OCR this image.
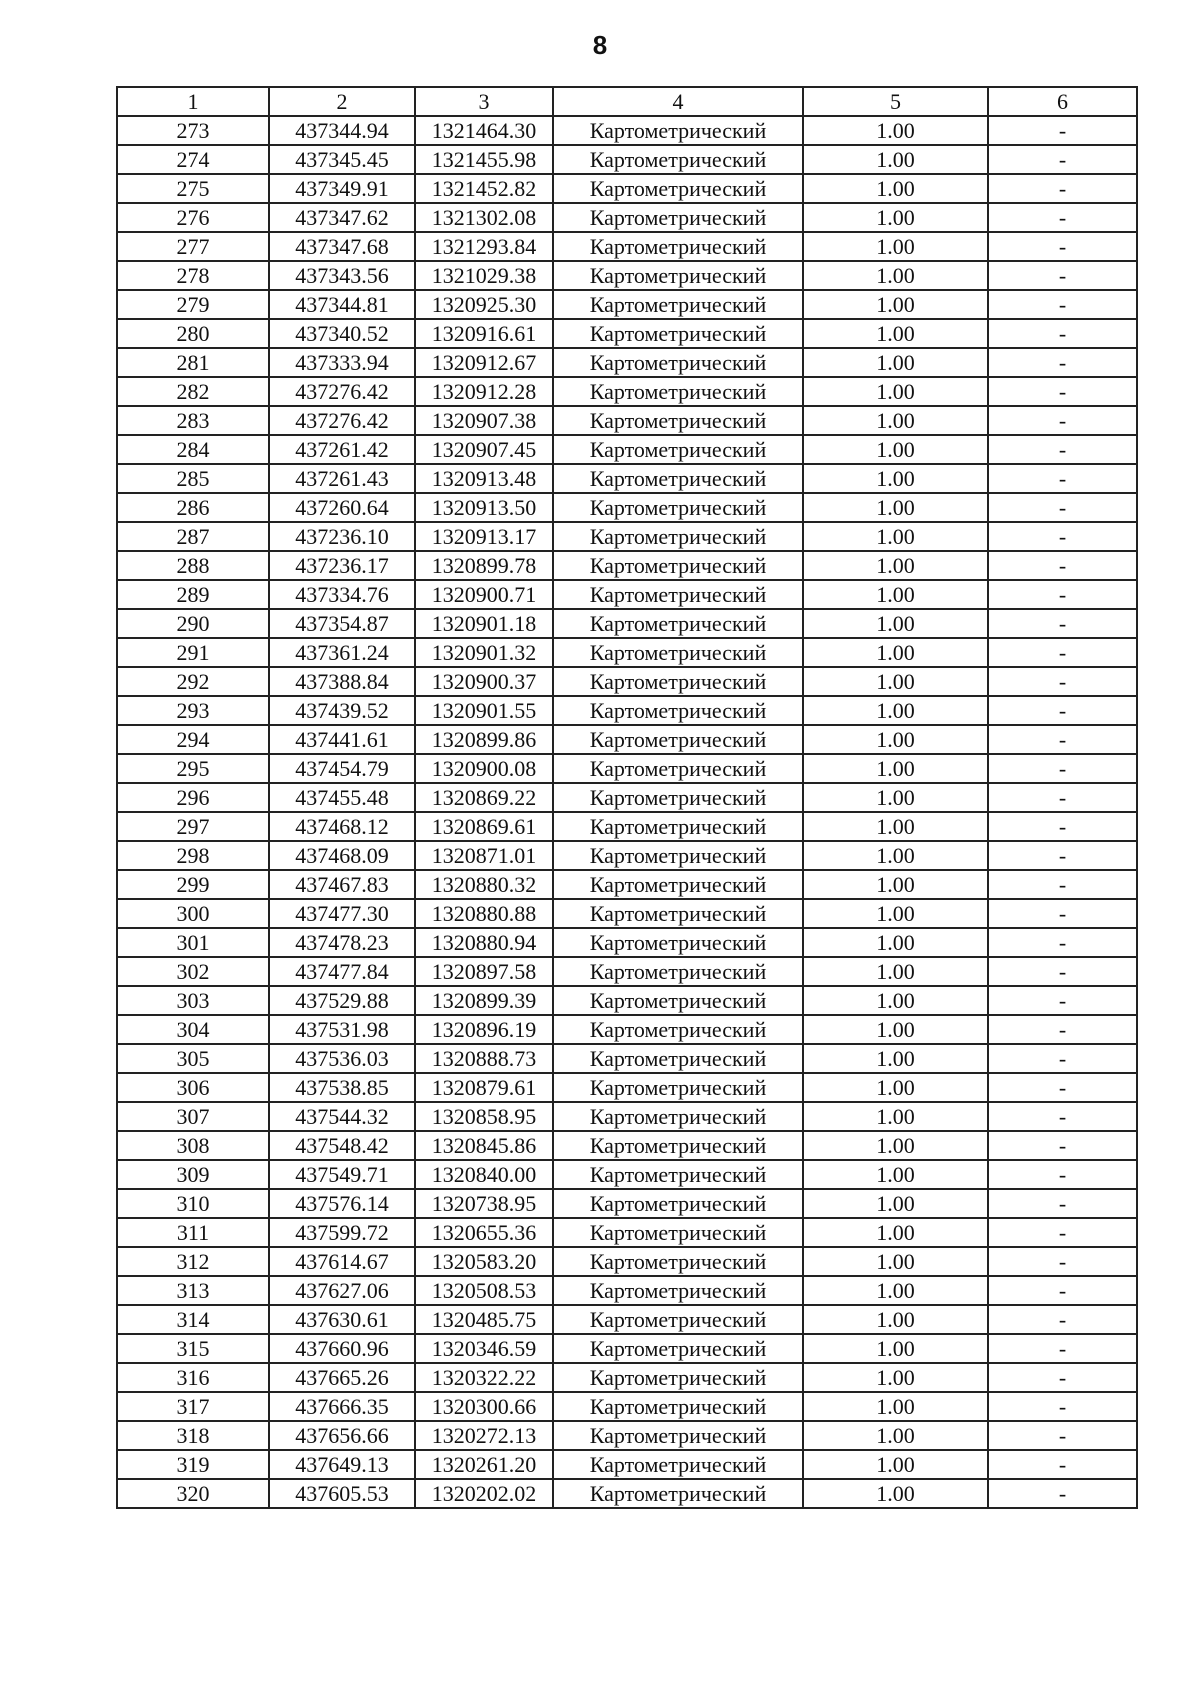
8
1	2	3	4	5	6
273	437344.94	1321464.30	Картометрический	1.00	-
274	437345.45	1321455.98	Картометрический	1.00	-
275	437349.91	1321452.82	Картометрический	1.00	-
276	437347.62	1321302.08	Картометрический	1.00	-
277	437347.68	1321293.84	Картометрический	1.00	-
278	437343.56	1321029.38	Картометрический	1.00	-
279	437344.81	1320925.30	Картометрический	1.00	-
280	437340.52	1320916.61	Картометрический	1.00	-
281	437333.94	1320912.67	Картометрический	1.00	-
282	437276.42	1320912.28	Картометрический	1.00	-
283	437276.42	1320907.38	Картометрический	1.00	-
284	437261.42	1320907.45	Картометрический	1.00	-
285	437261.43	1320913.48	Картометрический	1.00	-
286	437260.64	1320913.50	Картометрический	1.00	-
287	437236.10	1320913.17	Картометрический	1.00	-
288	437236.17	1320899.78	Картометрический	1.00	-
289	437334.76	1320900.71	Картометрический	1.00	-
290	437354.87	1320901.18	Картометрический	1.00	-
291	437361.24	1320901.32	Картометрический	1.00	-
292	437388.84	1320900.37	Картометрический	1.00	-
293	437439.52	1320901.55	Картометрический	1.00	-
294	437441.61	1320899.86	Картометрический	1.00	-
295	437454.79	1320900.08	Картометрический	1.00	-
296	437455.48	1320869.22	Картометрический	1.00	-
297	437468.12	1320869.61	Картометрический	1.00	-
298	437468.09	1320871.01	Картометрический	1.00	-
299	437467.83	1320880.32	Картометрический	1.00	-
300	437477.30	1320880.88	Картометрический	1.00	-
301	437478.23	1320880.94	Картометрический	1.00	-
302	437477.84	1320897.58	Картометрический	1.00	-
303	437529.88	1320899.39	Картометрический	1.00	-
304	437531.98	1320896.19	Картометрический	1.00	-
305	437536.03	1320888.73	Картометрический	1.00	-
306	437538.85	1320879.61	Картометрический	1.00	-
307	437544.32	1320858.95	Картометрический	1.00	-
308	437548.42	1320845.86	Картометрический	1.00	-
309	437549.71	1320840.00	Картометрический	1.00	-
310	437576.14	1320738.95	Картометрический	1.00	-
311	437599.72	1320655.36	Картометрический	1.00	-
312	437614.67	1320583.20	Картометрический	1.00	-
313	437627.06	1320508.53	Картометрический	1.00	-
314	437630.61	1320485.75	Картометрический	1.00	-
315	437660.96	1320346.59	Картометрический	1.00	-
316	437665.26	1320322.22	Картометрический	1.00	-
317	437666.35	1320300.66	Картометрический	1.00	-
318	437656.66	1320272.13	Картометрический	1.00	-
319	437649.13	1320261.20	Картометрический	1.00	-
320	437605.53	1320202.02	Картометрический	1.00	-
